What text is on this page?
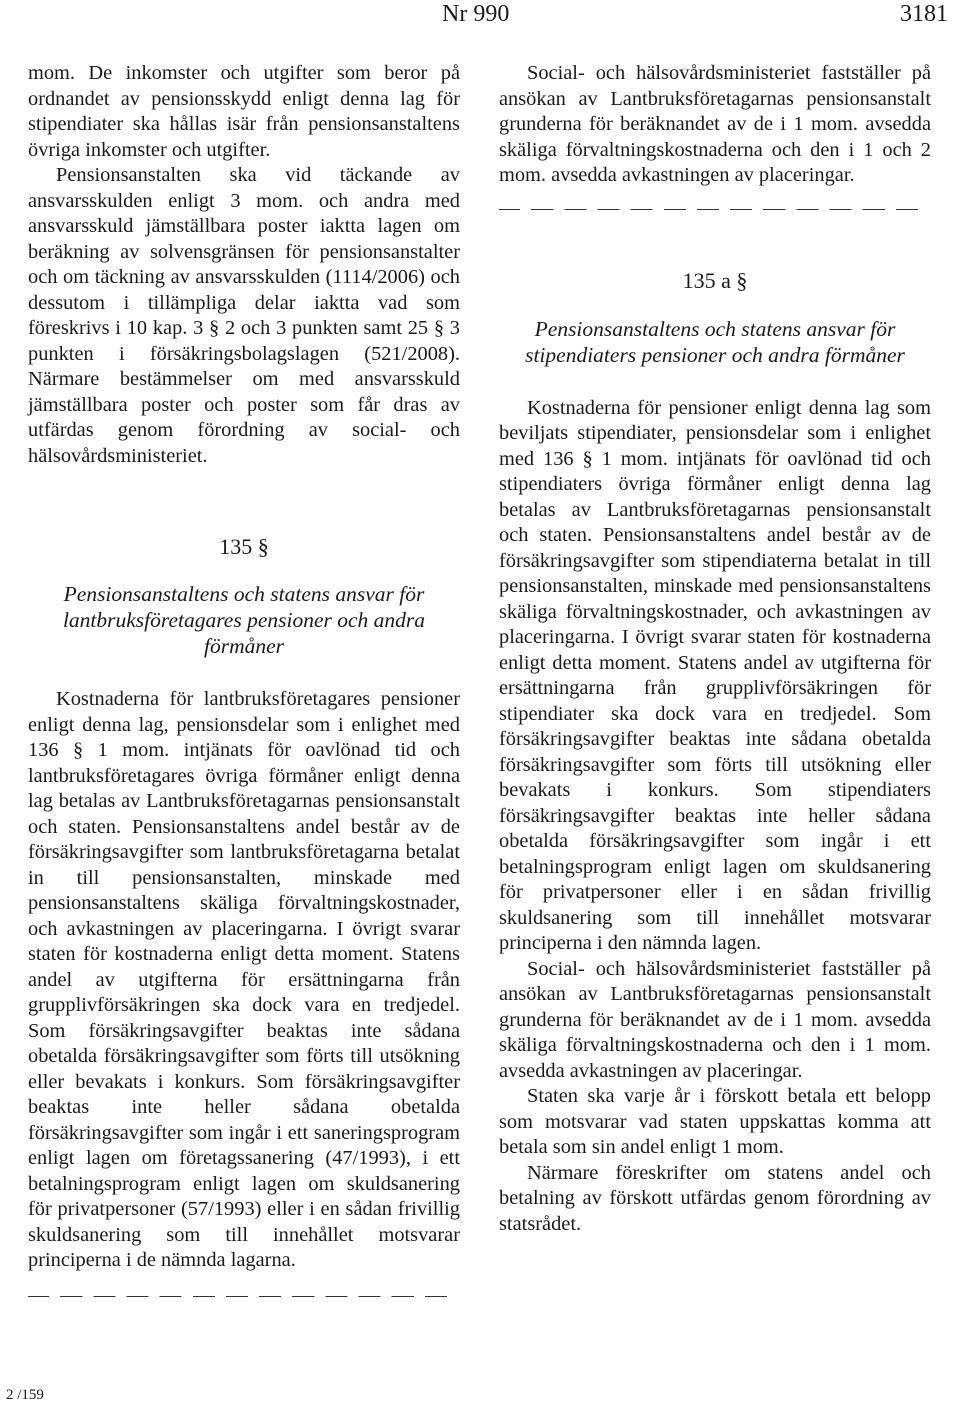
Nr 990	3181

mom. De inkomster och utgifter som beror på ordnandet av pensionsskydd enligt denna lag för stipendiater ska hållas isär från pensionsanstaltens övriga inkomster och utgifter.

Pensionsanstalten ska vid täckande av ansvarsskulden enligt 3 mom. och andra med ansvarsskuld jämställbara poster iaktta lagen om beräkning av solvensgränsen för pensionsanstalter och om täckning av ansvarsskulden (1114/2006) och dessutom i tillämpliga delar iaktta vad som föreskrivs i 10 kap. 3 § 2 och 3 punkten samt 25 § 3 punkten i försäkringsbolagslagen (521/2008). Närmare bestämmelser om med ansvarsskuld jämställbara poster och poster som får dras av utfärdas genom förordning av social- och hälsovårdsministeriet.

135 §
Pensionsanstaltens och statens ansvar för lantbruksföretagares pensioner och andra förmåner

Kostnaderna för lantbruksföretagares pensioner enligt denna lag, pensionsdelar som i enlighet med 136 § 1 mom. intjänats för oavlönad tid och lantbruksföretagares övriga förmåner enligt denna lag betalas av Lantbruksföretagarnas pensionsanstalt och staten. Pensionsanstaltens andel består av de försäkringsavgifter som lantbruksföretagarna betalat in till pensionsanstalten, minskade med pensionsanstaltens skäliga förvaltningskostnader, och avkastningen av placeringarna. I övrigt svarar staten för kostnaderna enligt detta moment. Statens andel av utgifterna för ersättningarna från grupplivförsäkringen ska dock vara en tredjedel. Som försäkringsavgifter beaktas inte sådana obetalda försäkringsavgifter som förts till utsökning eller bevakats i konkurs. Som försäkringsavgifter beaktas inte heller sådana obetalda försäkringsavgifter som ingår i ett saneringsprogram enligt lagen om företagssanering (47/1993), i ett betalningsprogram enligt lagen om skuldsanering för privatpersoner (57/1993) eller i en sådan frivillig skuldsanering som till innehållet motsvarar principerna i de nämnda lagarna.

Social- och hälsovårdsministeriet fastställer på ansökan av Lantbruksföretagarnas pensionsanstalt grunderna för beräknandet av de i 1 mom. avsedda skäliga förvaltningskostnaderna och den i 1 och 2 mom. avsedda avkastningen av placeringar.

135 a §
Pensionsanstaltens och statens ansvar för stipendiaters pensioner och andra förmåner

Kostnaderna för pensioner enligt denna lag som beviljats stipendiater, pensionsdelar som i enlighet med 136 § 1 mom. intjänats för oavlönad tid och stipendiaters övriga förmåner enligt denna lag betalas av Lantbruksföretagarnas pensionsanstalt och staten. Pensionsanstaltens andel består av de försäkringsavgifter som stipendiaterna betalat in till pensionsanstalten, minskade med pensionsanstaltens skäliga förvaltningskostnader, och avkastningen av placeringarna. I övrigt svarar staten för kostnaderna enligt detta moment. Statens andel av utgifterna för ersättningarna från grupplivförsäkringen för stipendiater ska dock vara en tredjedel. Som försäkringsavgifter beaktas inte sådana obetalda försäkringsavgifter som förts till utsökning eller bevakats i konkurs. Som stipendiaters försäkringsavgifter beaktas inte heller sådana obetalda försäkringsavgifter som ingår i ett betalningsprogram enligt lagen om skuldsanering för privatpersoner eller i en sådan frivillig skuldsanering som till innehållet motsvarar principerna i den nämnda lagen.

Social- och hälsovårdsministeriet fastställer på ansökan av Lantbruksföretagarnas pensionsanstalt grunderna för beräknandet av de i 1 mom. avsedda skäliga förvaltningskostnaderna och den i 1 mom. avsedda avkastningen av placeringar.

Staten ska varje år i förskott betala ett belopp som motsvarar vad staten uppskattas komma att betala som sin andel enligt 1 mom.

Närmare föreskrifter om statens andel och betalning av förskott utfärdas genom förordning av statsrådet.

2 /159
